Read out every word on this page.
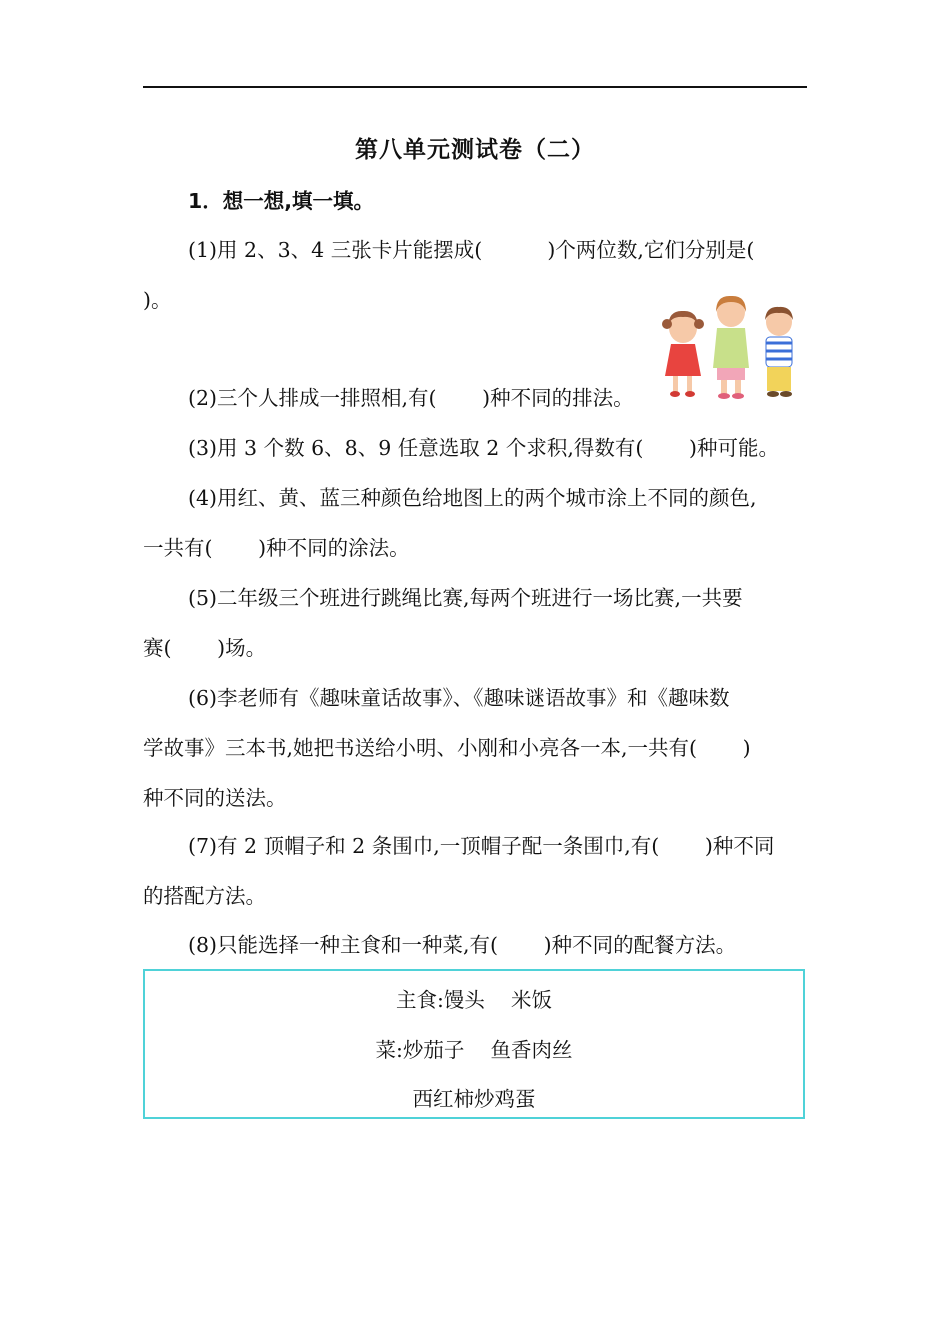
第八单元测试卷（二）
1．想一想,填一填。
(1)用 2、3、4 三张卡片能摆成(          )个两位数,它们分别是(
)。
(2)三个人排成一排照相,有(       )种不同的排法。
(3)用 3 个数 6、8、9 任意选取 2 个求积,得数有(       )种可能。
(4)用红、黄、蓝三种颜色给地图上的两个城市涂上不同的颜色,
一共有(       )种不同的涂法。
(5)二年级三个班进行跳绳比赛,每两个班进行一场比赛,一共要
赛(       )场。
(6)李老师有《趣味童话故事》、《趣味谜语故事》和《趣味数
学故事》三本书,她把书送给小明、小刚和小亮各一本,一共有(       )
种不同的送法。
(7)有 2 顶帽子和 2 条围巾,一顶帽子配一条围巾,有(       )种不同
的搭配方法。
(8)只能选择一种主食和一种菜,有(       )种不同的配餐方法。
主食:馒头    米饭
菜:炒茄子    鱼香肉丝
西红柿炒鸡蛋
